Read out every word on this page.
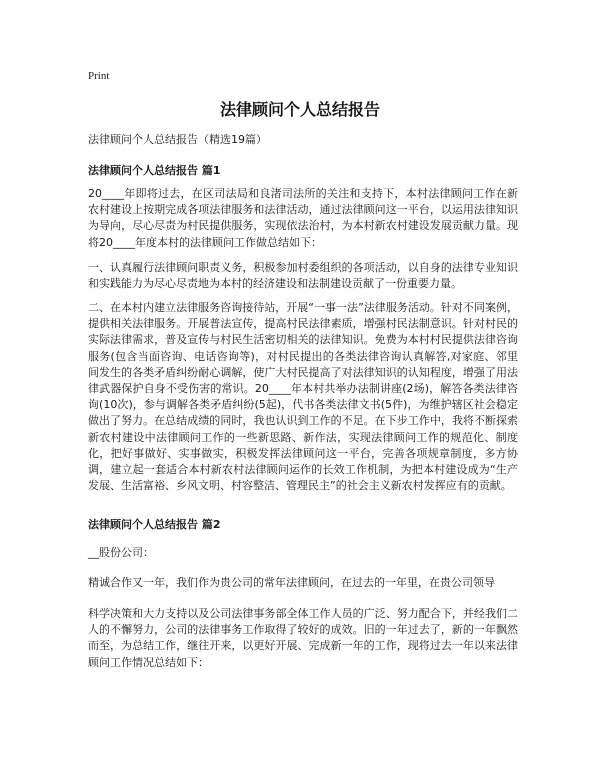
Print
法律顾问个人总结报告
法律顾问个人总结报告（精选19篇）
法律顾问个人总结报告 篇1
20____年即将过去，在区司法局和良渚司法所的关注和支持下，本村法律顾问工作在新农村建设上按期完成各项法律服务和法律活动，通过法律顾问这一平台，以运用法律知识为导向，尽心尽责为村民提供服务，实现依法治村，为本村新农村建设发展贡献力量。现将20____年度本村的法律顾问工作做总结如下：
一、认真履行法律顾问职责义务，积极参加村委组织的各项活动，以自身的法律专业知识和实践能力为尽心尽责地为本村的经济建设和法制建设贡献了一份重要力量。
二、在本村内建立法律服务咨询接待站，开展“一事一法”法律服务活动。针对不同案例，提供相关法律服务。开展普法宣传，提高村民法律素质，增强村民法制意识。针对村民的实际法律需求，普及宣传与村民生活密切相关的法律知识。免费为本村村民提供法律咨询服务(包含当面咨询、电话咨询等)，对村民提出的各类法律咨询认真解答,对家庭、邻里间发生的各类矛盾纠纷耐心调解，使广大村民提高了对法律知识的认知程度，增强了用法律武器保护自身不受伤害的常识。20____年本村共举办法制讲座(2场)，解答各类法律咨询(10次)，参与调解各类矛盾纠纷(5起)，代书各类法律文书(5件)，为维护辖区社会稳定做出了努力。在总结成绩的同时，我也认识到工作的不足。在下步工作中，我将不断探索新农村建设中法律顾问工作的一些新思路、新作法，实现法律顾问工作的规范化、制度化，把好事做好、实事做实，积极发挥法律顾问这一平台，完善各项规章制度，多方协调，建立起一套适合本村新农村法律顾问运作的长效工作机制，为把本村建设成为“生产发展、生活富裕、乡风文明、村容整洁、管理民主”的社会主义新农村发挥应有的贡献。
法律顾问个人总结报告 篇2
__股份公司：
精诚合作又一年，我们作为贵公司的常年法律顾问，在过去的一年里，在贵公司领导
科学决策和大力支持以及公司法律事务部全体工作人员的广泛、努力配合下，并经我们二人的不懈努力，公司的法律事务工作取得了较好的成效。旧的一年过去了，新的一年飘然而至，为总结工作，继往开来，以更好开展、完成新一年的工作，现将过去一年以来法律顾问工作情况总结如下：
